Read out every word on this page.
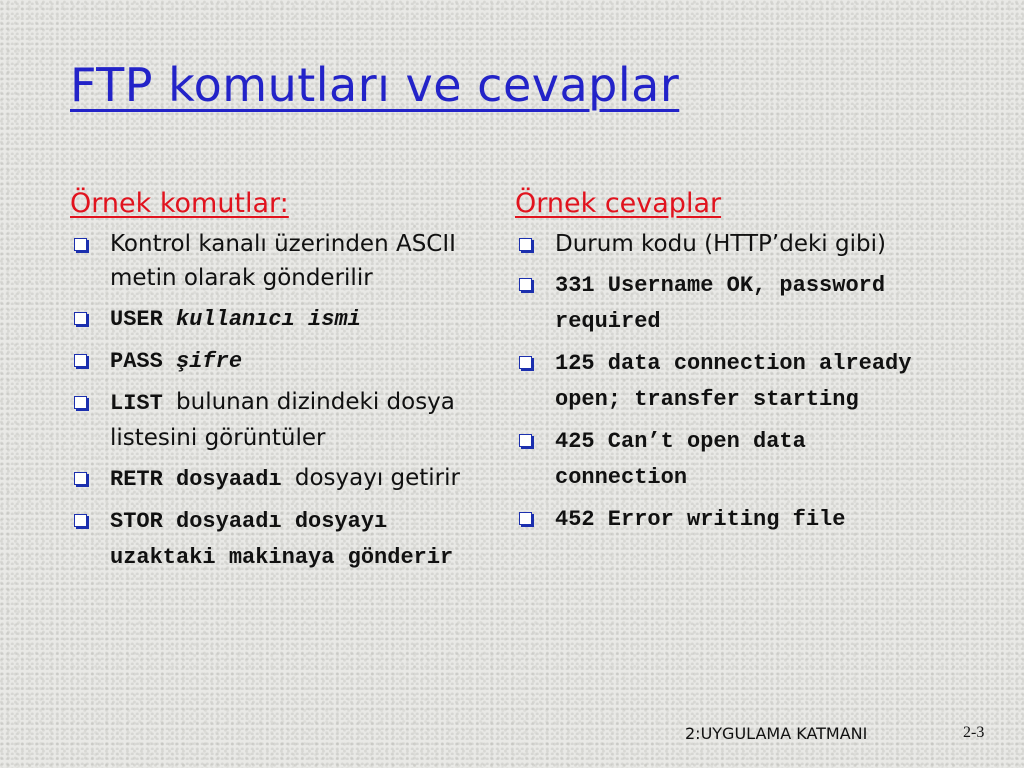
FTP komutları ve cevaplar
Örnek komutlar:
Kontrol kanalı üzerinden ASCII metin olarak gönderilir
USER kullanıcı ismi
PASS şifre
LIST bulunan dizindeki dosya listesini görüntüler
RETR dosyaadı dosyayı getirir
STOR dosyaadı dosyayı uzaktaki makinaya gönderir
Örnek cevaplar
Durum kodu (HTTP’deki gibi)
331 Username OK, password required
125 data connection already open; transfer starting
425 Can’t open data connection
452 Error writing file
2:UYGULAMA KATMANI	2-3
